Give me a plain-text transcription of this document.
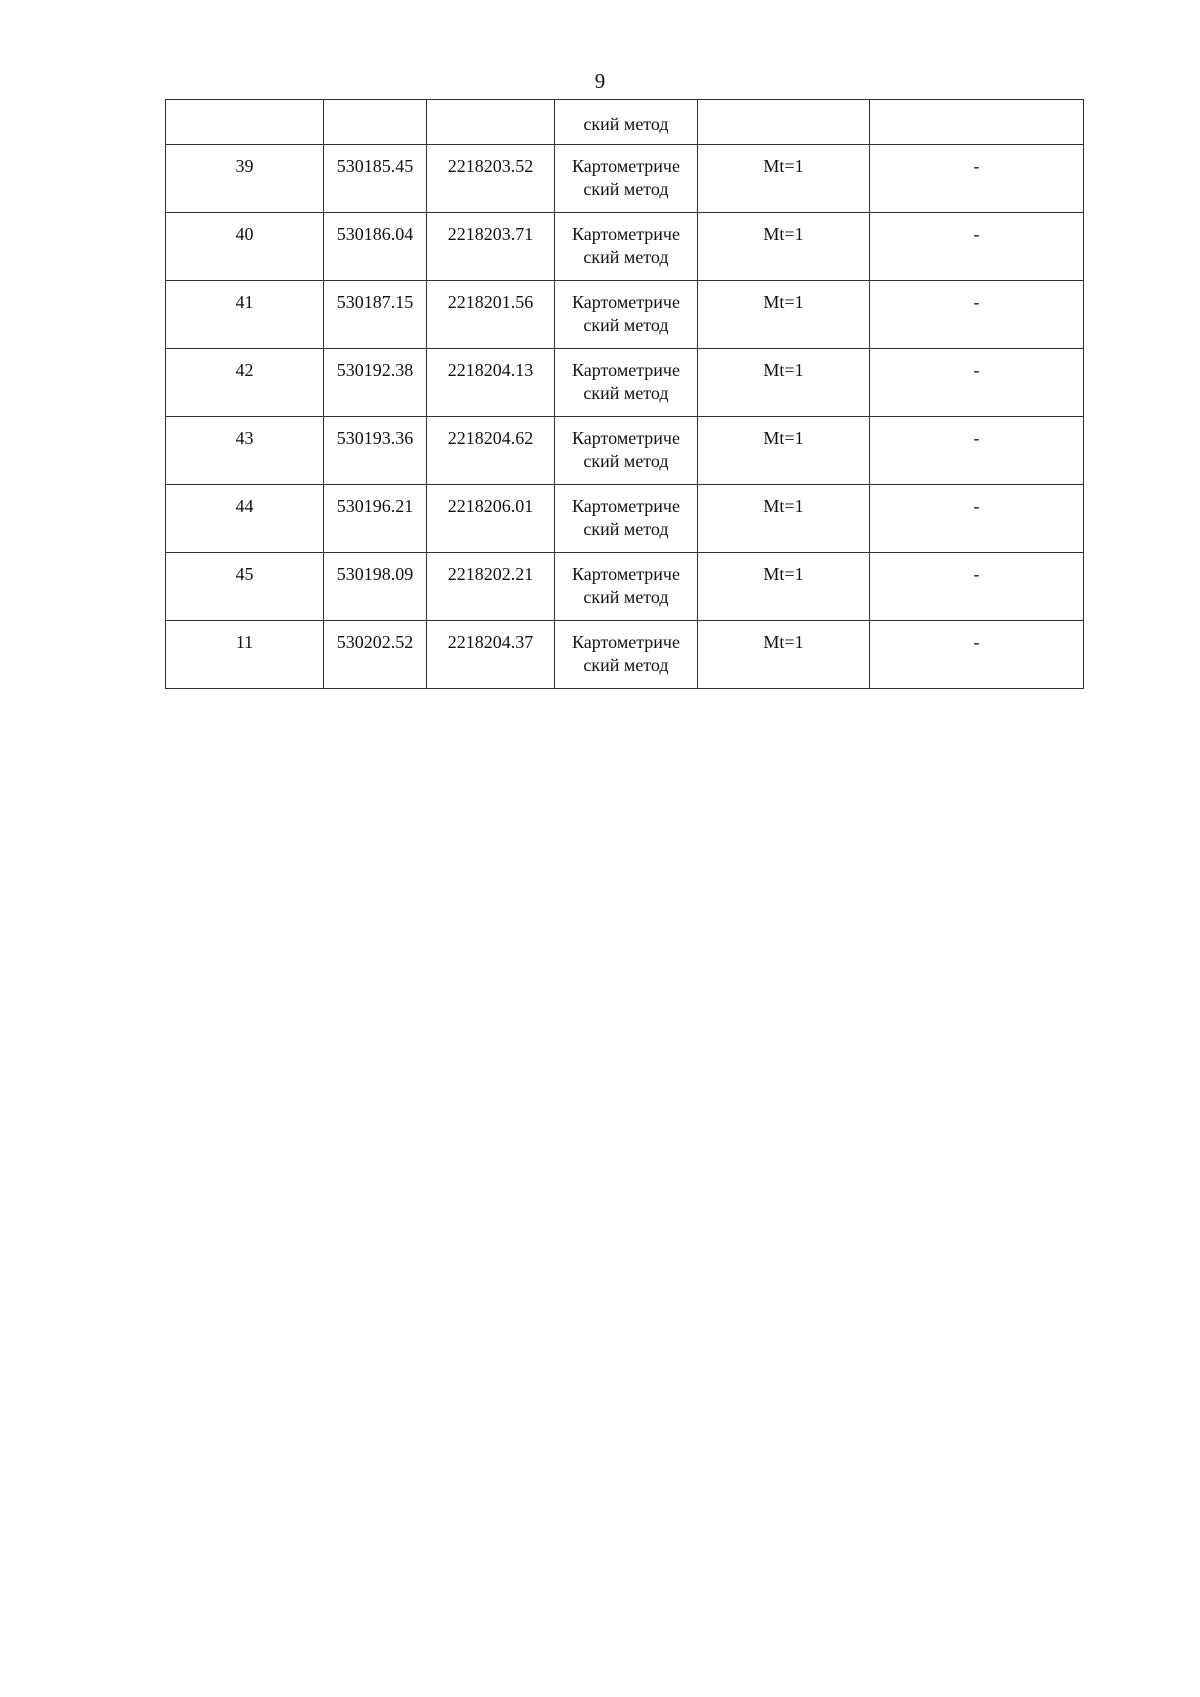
9
			ский метод		
39	530185.45	2218203.52	Картометриче
ский метод	Mt=1	-
40	530186.04	2218203.71	Картометриче
ский метод	Mt=1	-
41	530187.15	2218201.56	Картометриче
ский метод	Mt=1	-
42	530192.38	2218204.13	Картометриче
ский метод	Mt=1	-
43	530193.36	2218204.62	Картометриче
ский метод	Mt=1	-
44	530196.21	2218206.01	Картометриче
ский метод	Mt=1	-
45	530198.09	2218202.21	Картометриче
ский метод	Mt=1	-
11	530202.52	2218204.37	Картометриче
ский метод	Mt=1	-
